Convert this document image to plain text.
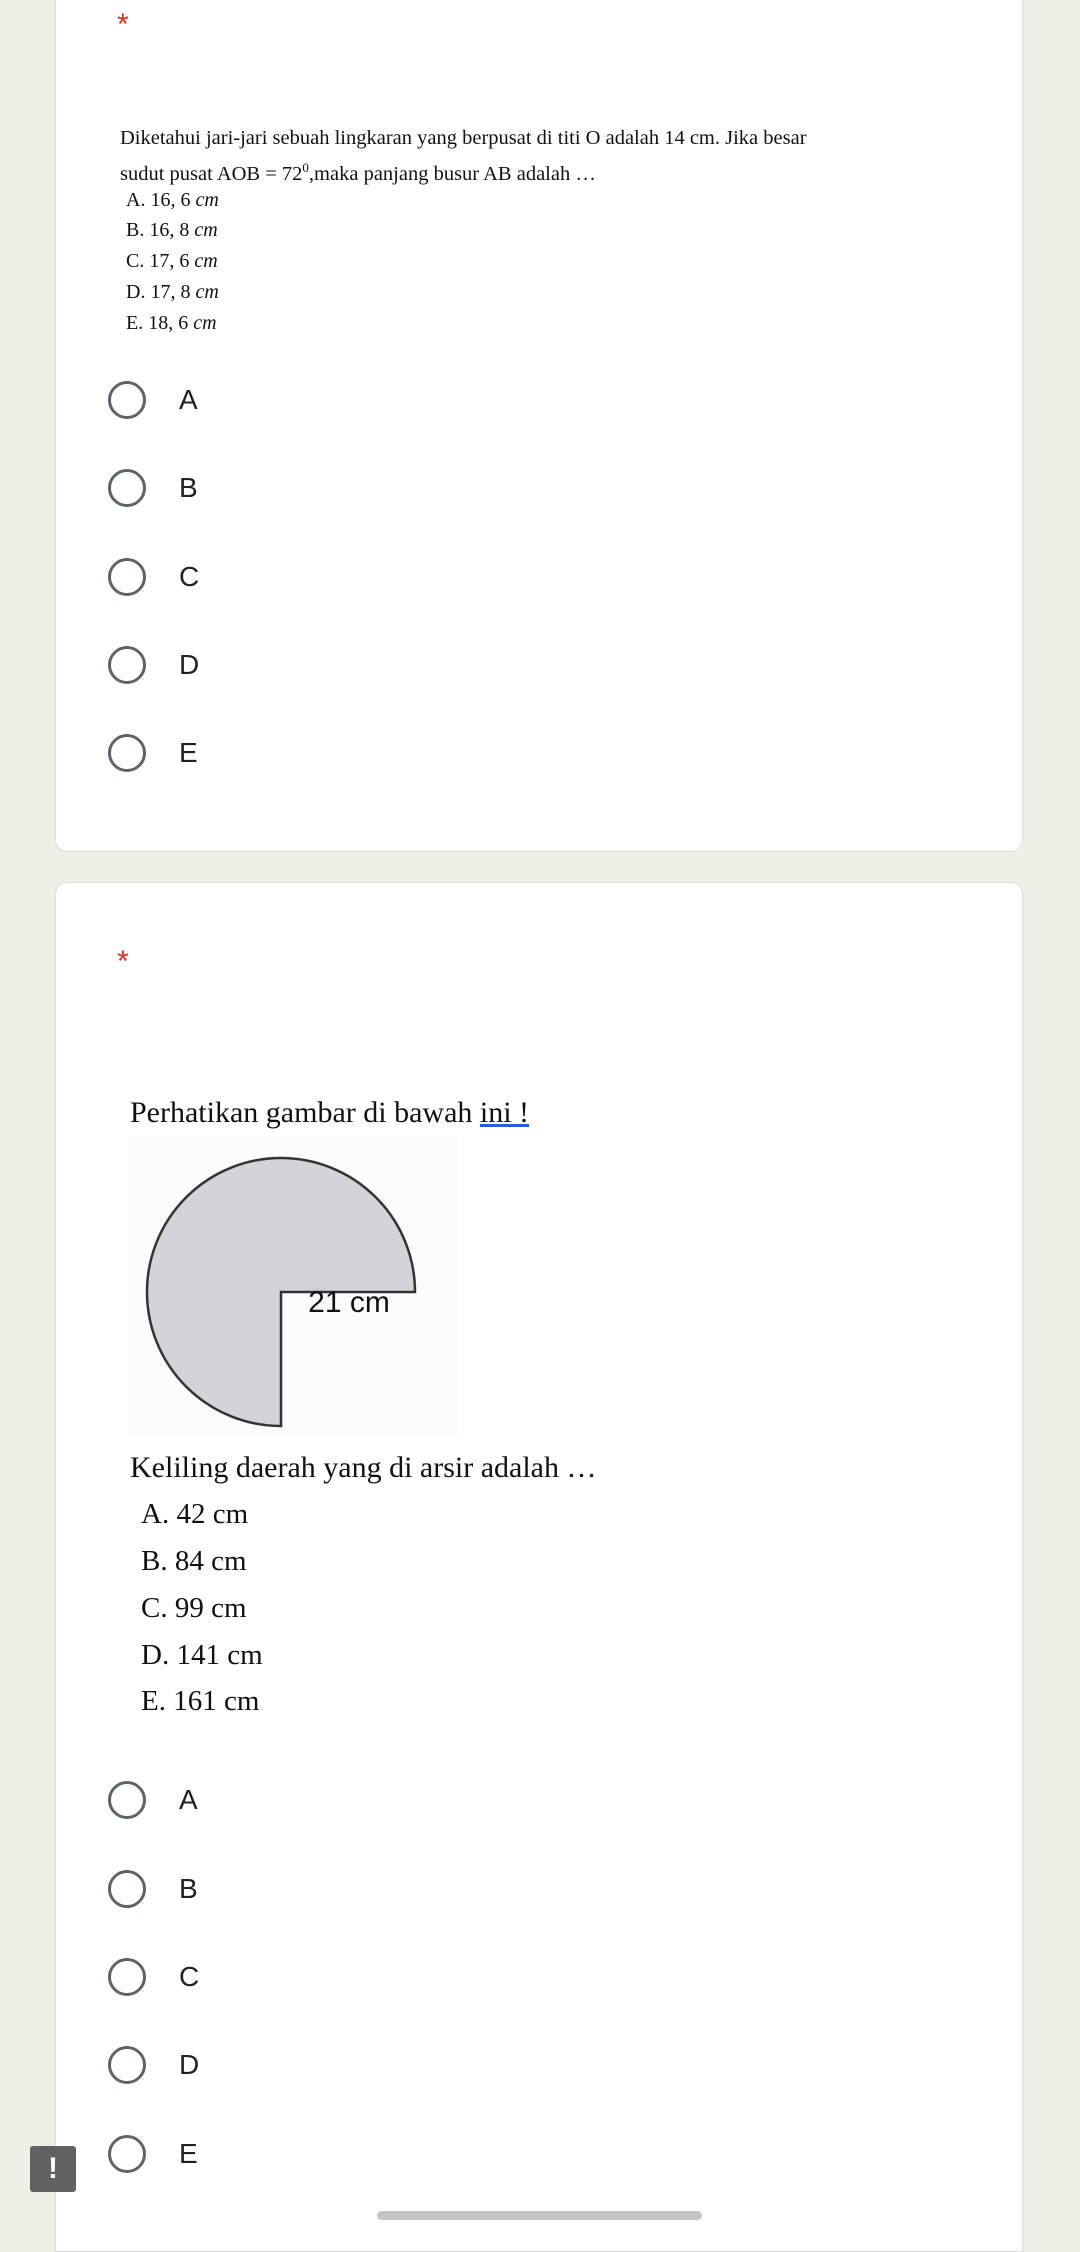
*
Diketahui jari-jari sebuah lingkaran yang berpusat di titi O adalah 14 cm. Jika besar
sudut pusat AOB = $72^0,maka$ panjang busur AB adalah …
A. 16, 6 cm
B. 16, 8 cm
C. 17, 6 cm
D. 17, 8 cm
E. 18, 6 cm
A
B
C
D
E
*
Perhatikan gambar di bawah ini !
21 cm
Keliling daerah yang di arsir adalah …
A. 42 cm
B. 84 cm
C. 99 cm
D. 141 cm
E. 161 cm
A
B
C
D
E
!
